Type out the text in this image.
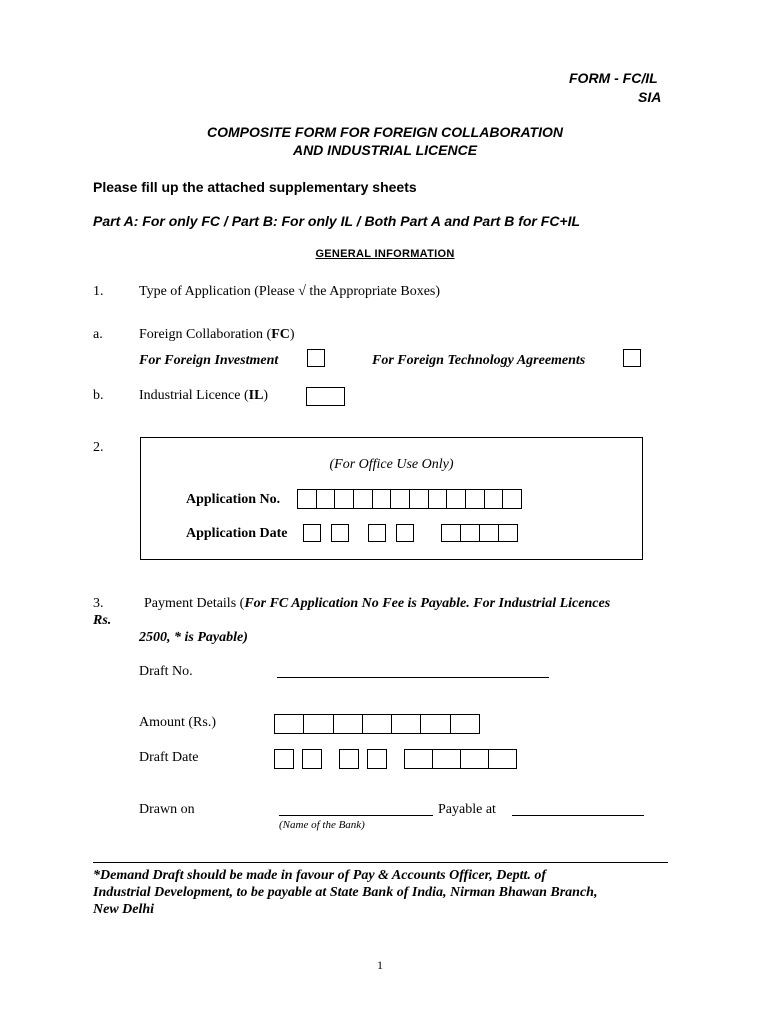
FORM - FC/IL
SIA
COMPOSITE FORM FOR FOREIGN COLLABORATION
AND INDUSTRIAL LICENCE
Please fill up the attached supplementary sheets
Part A: For only FC / Part B: For only IL / Both Part A and Part B for FC+IL
GENERAL INFORMATION
1.	Type of Application (Please √ the Appropriate Boxes)
a.	Foreign Collaboration (FC)
For Foreign Investment	For Foreign Technology Agreements
b.	Industrial Licence (IL)
2.
(For Office Use Only)
Application No.
Application Date
3.	Payment Details (For FC Application No Fee is Payable. For Industrial Licences
Rs.
2500, * is Payable)
Draft No.
Amount (Rs.)
Draft Date
Drawn on	Payable at
(Name of the Bank)
*Demand Draft should be made in favour of Pay & Accounts Officer, Deptt. of
Industrial Development, to be payable at State Bank of India, Nirman Bhawan Branch,
New Delhi
1
